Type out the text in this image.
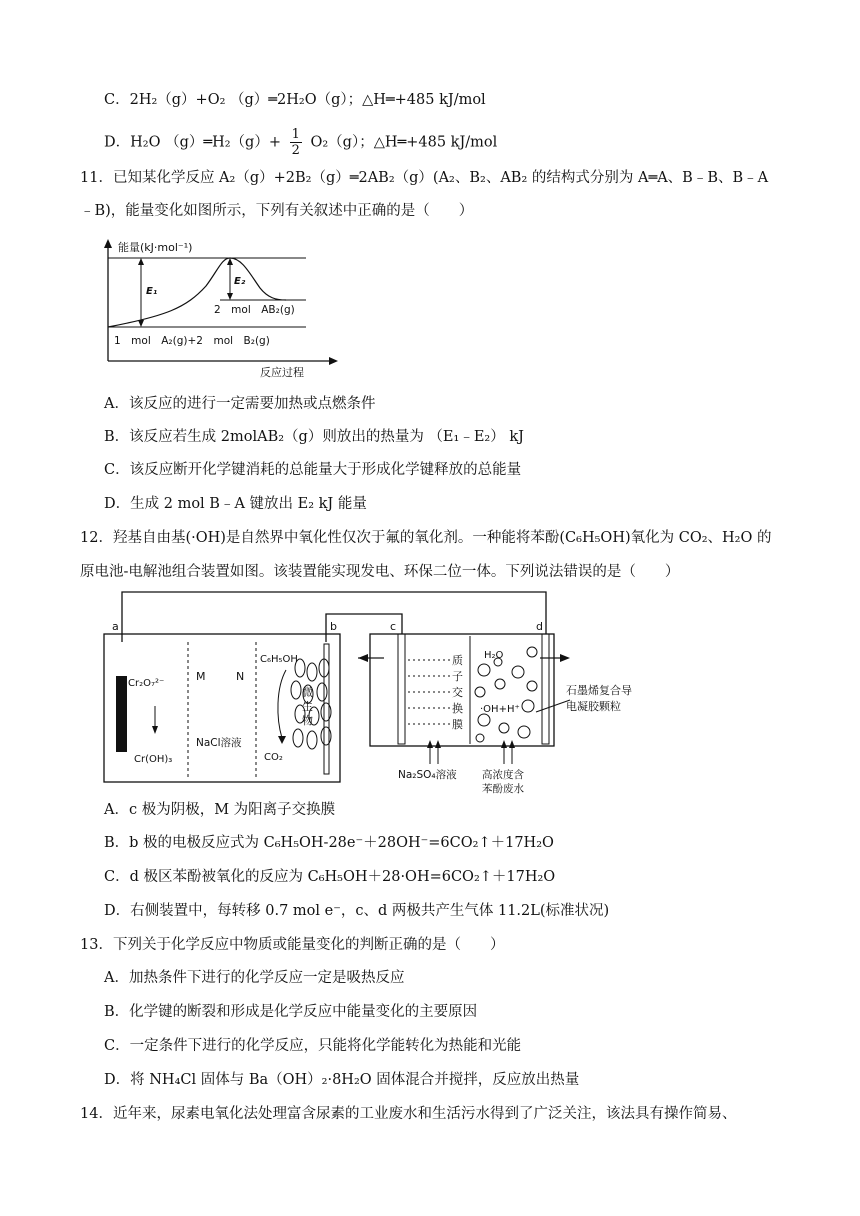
C．2H₂（g）+O₂ （g）═2H₂O（g）；△H═+485 kJ/mol
D．H₂O （g）═H₂（g）+ $\frac{1}{2} O_2(g)$；△H═+485 kJ/mol
11．已知某化学反应 A₂（g）+2B₂（g）═2AB₂（g）(A₂、B₂、AB₂ 的结构式分别为 A═A、B﹣B、B﹣A
﹣B)，能量变化如图所示，下列有关叙述中正确的是（　　）
能量(kJ·mol⁻¹)
E₁
E₂
2　mol　AB₂(g)
1　mol　A₂(g)+2　mol　B₂(g)
反应过程
A．该反应的进行一定需要加热或点燃条件
B．该反应若生成 2molAB₂（g）则放出的热量为 （E₁﹣E₂） kJ
C．该反应断开化学键消耗的总能量大于形成化学键释放的总能量
D．生成 2 mol B﹣A 键放出 E₂ kJ 能量
12．羟基自由基(·OH)是自然界中氧化性仅次于氟的氧化剂。一种能将苯酚(C₆H₅OH)氧化为 CO₂、H₂O 的
原电池-电解池组合装置如图。该装置能实现发电、环保二位一体。下列说法错误的是（　　）
a	b	c	d
Cr₂O₇²⁻
Cr(OH)₃
M	N
NaCl溶液
C₆H₅OH
CO₂
微
生
物
质
子
交
换
膜
H₂O
·OH+H⁺
石墨烯复合导
电凝胶颗粒
Na₂SO₄溶液 高浓度含
苯酚废水
A．c 极为阴极，M 为阳离子交换膜
B．b 极的电极反应式为 C₆H₅OH-28e⁻＋28OH⁻=6CO₂↑＋17H₂O
C．d 极区苯酚被氧化的反应为 C₆H₅OH＋28·OH=6CO₂↑＋17H₂O
D．右侧装置中，每转移 0.7 mol e⁻，c、d 两极共产生气体 11.2L(标准状况)
13．下列关于化学反应中物质或能量变化的判断正确的是（　　）
A．加热条件下进行的化学反应一定是吸热反应
B．化学键的断裂和形成是化学反应中能量变化的主要原因
C．一定条件下进行的化学反应，只能将化学能转化为热能和光能
D．将 NH₄Cl 固体与 Ba（OH）₂·8H₂O 固体混合并搅拌，反应放出热量
14．近年来，尿素电氧化法处理富含尿素的工业废水和生活污水得到了广泛关注，该法具有操作简易、
